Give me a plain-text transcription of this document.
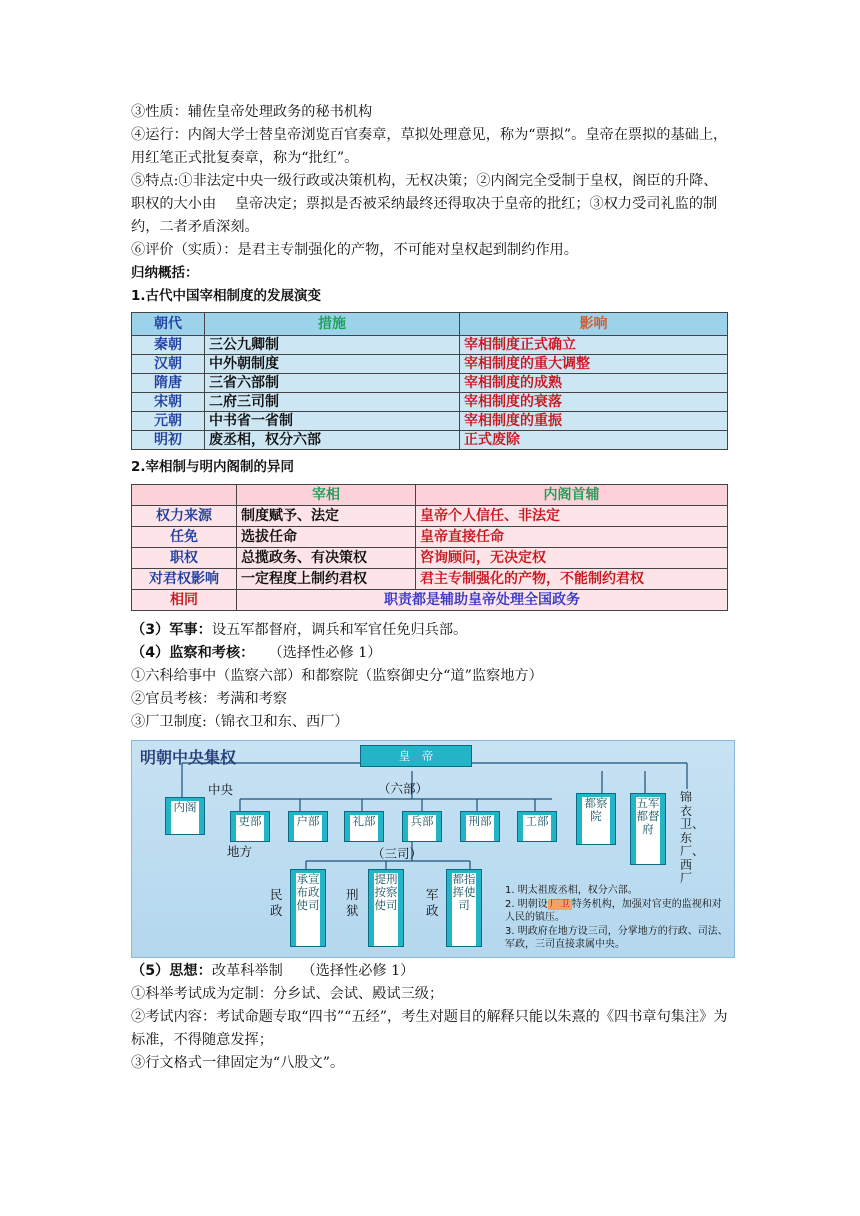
③性质：辅佐皇帝处理政务的秘书机构

④运行：内阁大学士替皇帝浏览百官奏章，草拟处理意见，称为“票拟”。皇帝在票拟的基础上，用红笔正式批复奏章，称为“批红”。

⑤特点:①非法定中央一级行政或决策机构，无权决策；②内阁完全受制于皇权，阁臣的升降、职权的大小由　 皇帝决定；票拟是否被采纳最终还得取决于皇帝的批红；③权力受司礼监的制约，二者矛盾深刻。

⑥评价（实质）：是君主专制强化的产物，不可能对皇权起到制约作用。

归纳概括：
1.古代中国宰相制度的发展演变
朝代	措施	影响
秦朝	三公九卿制	宰相制度正式确立
汉朝	中外朝制度	宰相制度的重大调整
隋唐	三省六部制	宰相制度的成熟
宋朝	二府三司制	宰相制度的衰落
元朝	中书省一省制	宰相制度的重振
明初	废丞相，权分六部	正式废除
2.宰相制与明内阁制的异同
	宰相	内阁首辅
权力来源	制度赋予、法定	皇帝个人信任、非法定
任免	选拔任命	皇帝直接任命
职权	总揽政务、有决策权	咨询顾问，无决定权
对君权影响	一定程度上制约君权	君主专制强化的产物，不能制约君权
相同	职责都是辅助皇帝处理全国政务	

（3）军事：设五军都督府，调兵和军官任免归兵部。

（4）监察和考核：　　（选择性必修 1）

①六科给事中（监察六部）和都察院（监察御史分“道”监察地方）

②官员考核：考满和考察

③厂卫制度:（锦衣卫和东、西厂）

明朝中央集权	皇　帝
中央	（六部）
地方	（三司）
内阁
吏部	户部	礼部	兵部	刑部	工部
都察院
五军都督府
锦衣卫、东厂、西厂
民政
承宣布政使司
刑狱
提刑按察使司
军政
都指挥使司
1. 明太祖废丞相，权分六部。
2. 明朝设 厂卫 特务机构，加强对官吏的监视和对人民的镇压。
3. 明政府在地方设三司，分掌地方的行政、司法、军政，三司直接隶属中央。

（5）思想：改革科举制　 （选择性必修 1）

①科举考试成为定制：分乡试、会试、殿试三级；

②考试内容：考试命题专取“四书”“五经”，考生对题目的解释只能以朱熹的《四书章句集注》为标准，不得随意发挥；

③行文格式一律固定为“八股文”。
